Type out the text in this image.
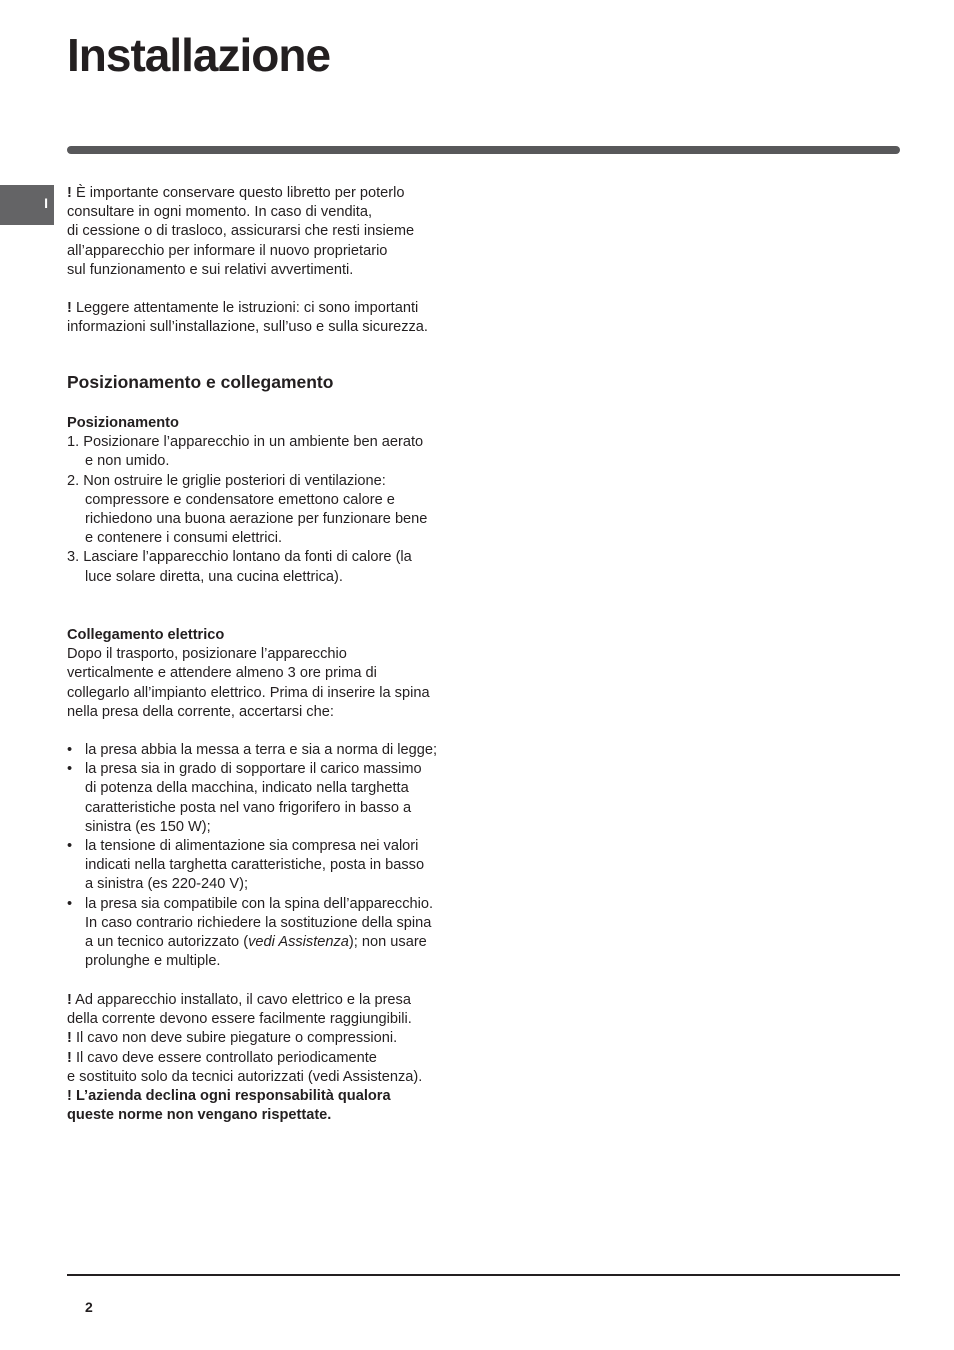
Installazione
I

! È importante conservare questo libretto per poterlo

consultare in ogni momento. In caso di vendita,

di cessione o di trasloco, assicurarsi che resti insieme

all’apparecchio per informare il nuovo proprietario

sul funzionamento e sui relativi avvertimenti.

! Leggere attentamente le istruzioni: ci sono importanti

informazioni sull’installazione, sull’uso e sulla sicurezza.

Posizionamento e collegamento

Posizionamento

1. Posizionare l’apparecchio in un ambiente ben aerato
e non umido.
2. Non ostruire le griglie posteriori di ventilazione:
compressore e condensatore emettono calore e
richiedono una buona aerazione per funzionare bene
e contenere i consumi elettrici.
3. Lasciare l’apparecchio lontano da fonti di calore (la
luce solare diretta, una cucina elettrica).

Collegamento elettrico

Dopo il trasporto, posizionare l’apparecchio

verticalmente e attendere almeno 3 ore prima di

collegarlo all’impianto elettrico. Prima di inserire la spina

nella presa della corrente, accertarsi che:

• la presa abbia la messa a terra e sia a norma di legge;
• la presa sia in grado di sopportare il carico massimo
di potenza della macchina, indicato nella targhetta
caratteristiche posta nel vano frigorifero in basso a
sinistra (es 150 W);
• la tensione di alimentazione sia compresa nei valori
indicati nella targhetta caratteristiche, posta in basso
a sinistra (es 220-240 V);
• la presa sia compatibile con la spina dell’apparecchio.
In caso contrario richiedere la sostituzione della spina
a un tecnico autorizzato (vedi Assistenza); non usare
prolunghe e multiple.

! Ad apparecchio installato, il cavo elettrico e la presa

della corrente devono essere facilmente raggiungibili.

! Il cavo non deve subire piegature o compressioni.

! Il cavo deve essere controllato periodicamente

e sostituito solo da tecnici autorizzati (vedi Assistenza).

! L’azienda declina ogni responsabilità qualora

queste norme non vengano rispettate.

2
